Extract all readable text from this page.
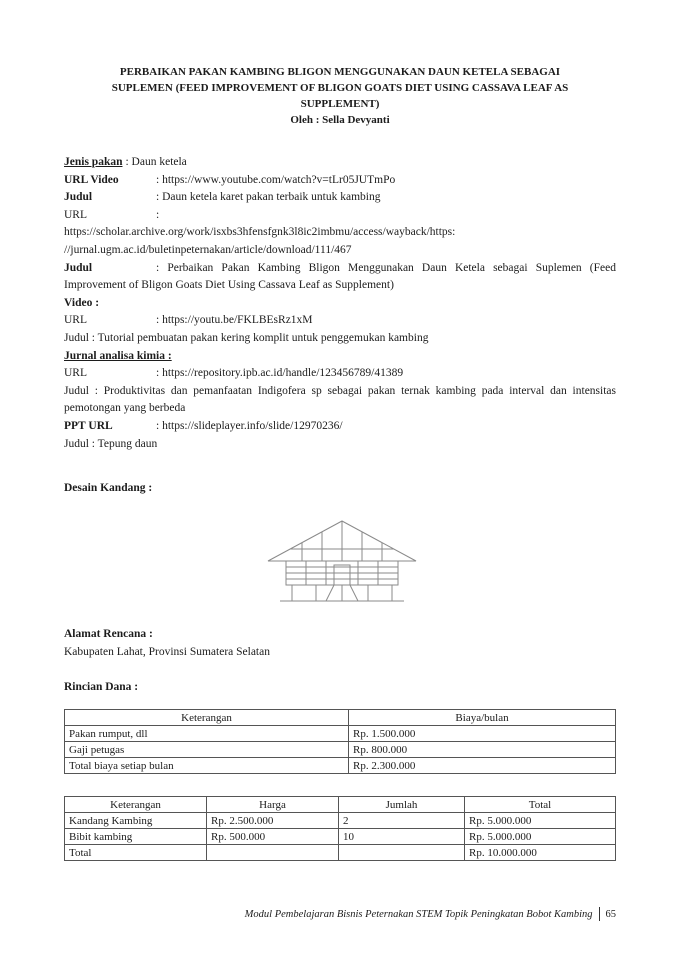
PERBAIKAN PAKAN KAMBING BLIGON MENGGUNAKAN DAUN KETELA SEBAGAI
SUPLEMEN (FEED IMPROVEMENT OF BLIGON GOATS DIET USING CASSAVA LEAF AS
SUPPLEMENT)
Oleh : Sella Devyanti
Jenis pakan : Daun ketela
URL Video	: https://www.youtube.com/watch?v=tLr05JUTmPo
Judul	: Daun ketela karet pakan terbaik untuk kambing
URL	:
https://scholar.archive.org/work/isxbs3hfensfgnk3l8ic2imbmu/access/wayback/https:
//jurnal.ugm.ac.id/buletinpeternakan/article/download/111/467
Judul	: Perbaikan Pakan Kambing Bligon Menggunakan Daun Ketela sebagai Suplemen (Feed Improvement of Bligon Goats Diet Using Cassava Leaf as Supplement)
Video :
URL	: https://youtu.be/FKLBEsRz1xM
Judul : Tutorial pembuatan pakan kering komplit untuk penggemukan kambing
Jurnal analisa kimia :
URL	: https://repository.ipb.ac.id/handle/123456789/41389
Judul : Produktivitas dan pemanfaatan Indigofera sp sebagai pakan ternak kambing pada interval dan intensitas pemotongan yang berbeda
PPT URL	: https://slideplayer.info/slide/12970236/
Judul : Tepung daun
Desain Kandang :
Alamat Rencana :
Kabupaten Lahat, Provinsi Sumatera Selatan
Rincian Dana :
Keterangan	Biaya/bulan
Pakan rumput, dll	Rp. 1.500.000
Gaji petugas	Rp. 800.000
Total biaya setiap bulan	Rp. 2.300.000
Keterangan	Harga	Jumlah	Total
Kandang Kambing	Rp. 2.500.000	2	Rp. 5.000.000
Bibit kambing	Rp. 500.000	10	Rp. 5.000.000
Total			Rp. 10.000.000
Modul Pembelajaran Bisnis Peternakan STEM Topik Peningkatan Bobot Kambing 65
